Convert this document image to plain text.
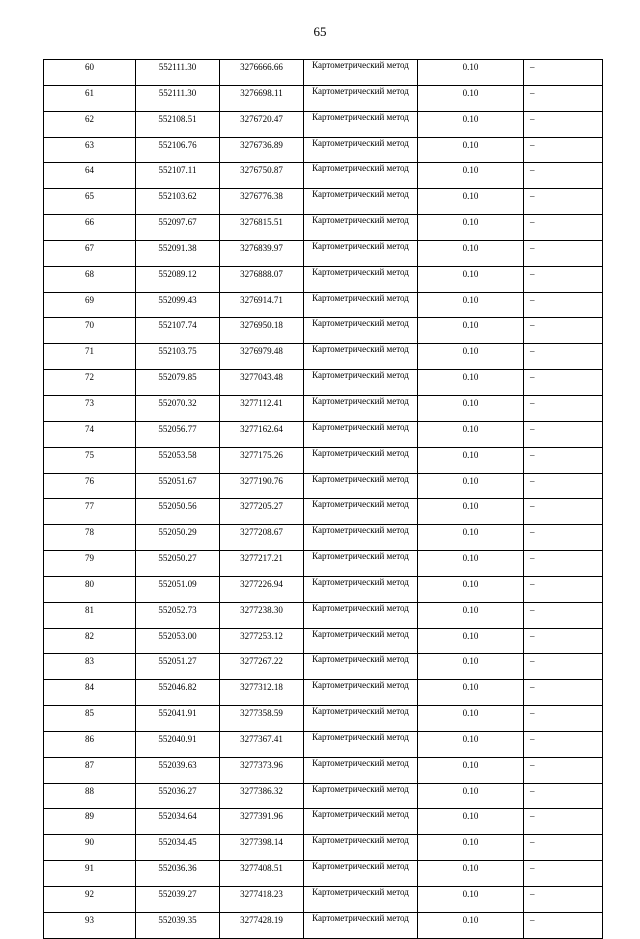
65
60	552111.30	3276666.66	Картометрический метод	0.10	–
61	552111.30	3276698.11	Картометрический метод	0.10	–
62	552108.51	3276720.47	Картометрический метод	0.10	–
63	552106.76	3276736.89	Картометрический метод	0.10	–
64	552107.11	3276750.87	Картометрический метод	0.10	–
65	552103.62	3276776.38	Картометрический метод	0.10	–
66	552097.67	3276815.51	Картометрический метод	0.10	–
67	552091.38	3276839.97	Картометрический метод	0.10	–
68	552089.12	3276888.07	Картометрический метод	0.10	–
69	552099.43	3276914.71	Картометрический метод	0.10	–
70	552107.74	3276950.18	Картометрический метод	0.10	–
71	552103.75	3276979.48	Картометрический метод	0.10	–
72	552079.85	3277043.48	Картометрический метод	0.10	–
73	552070.32	3277112.41	Картометрический метод	0.10	–
74	552056.77	3277162.64	Картометрический метод	0.10	–
75	552053.58	3277175.26	Картометрический метод	0.10	–
76	552051.67	3277190.76	Картометрический метод	0.10	–
77	552050.56	3277205.27	Картометрический метод	0.10	–
78	552050.29	3277208.67	Картометрический метод	0.10	–
79	552050.27	3277217.21	Картометрический метод	0.10	–
80	552051.09	3277226.94	Картометрический метод	0.10	–
81	552052.73	3277238.30	Картометрический метод	0.10	–
82	552053.00	3277253.12	Картометрический метод	0.10	–
83	552051.27	3277267.22	Картометрический метод	0.10	–
84	552046.82	3277312.18	Картометрический метод	0.10	–
85	552041.91	3277358.59	Картометрический метод	0.10	–
86	552040.91	3277367.41	Картометрический метод	0.10	–
87	552039.63	3277373.96	Картометрический метод	0.10	–
88	552036.27	3277386.32	Картометрический метод	0.10	–
89	552034.64	3277391.96	Картометрический метод	0.10	–
90	552034.45	3277398.14	Картометрический метод	0.10	–
91	552036.36	3277408.51	Картометрический метод	0.10	–
92	552039.27	3277418.23	Картометрический метод	0.10	–
93	552039.35	3277428.19	Картометрический метод	0.10	–
